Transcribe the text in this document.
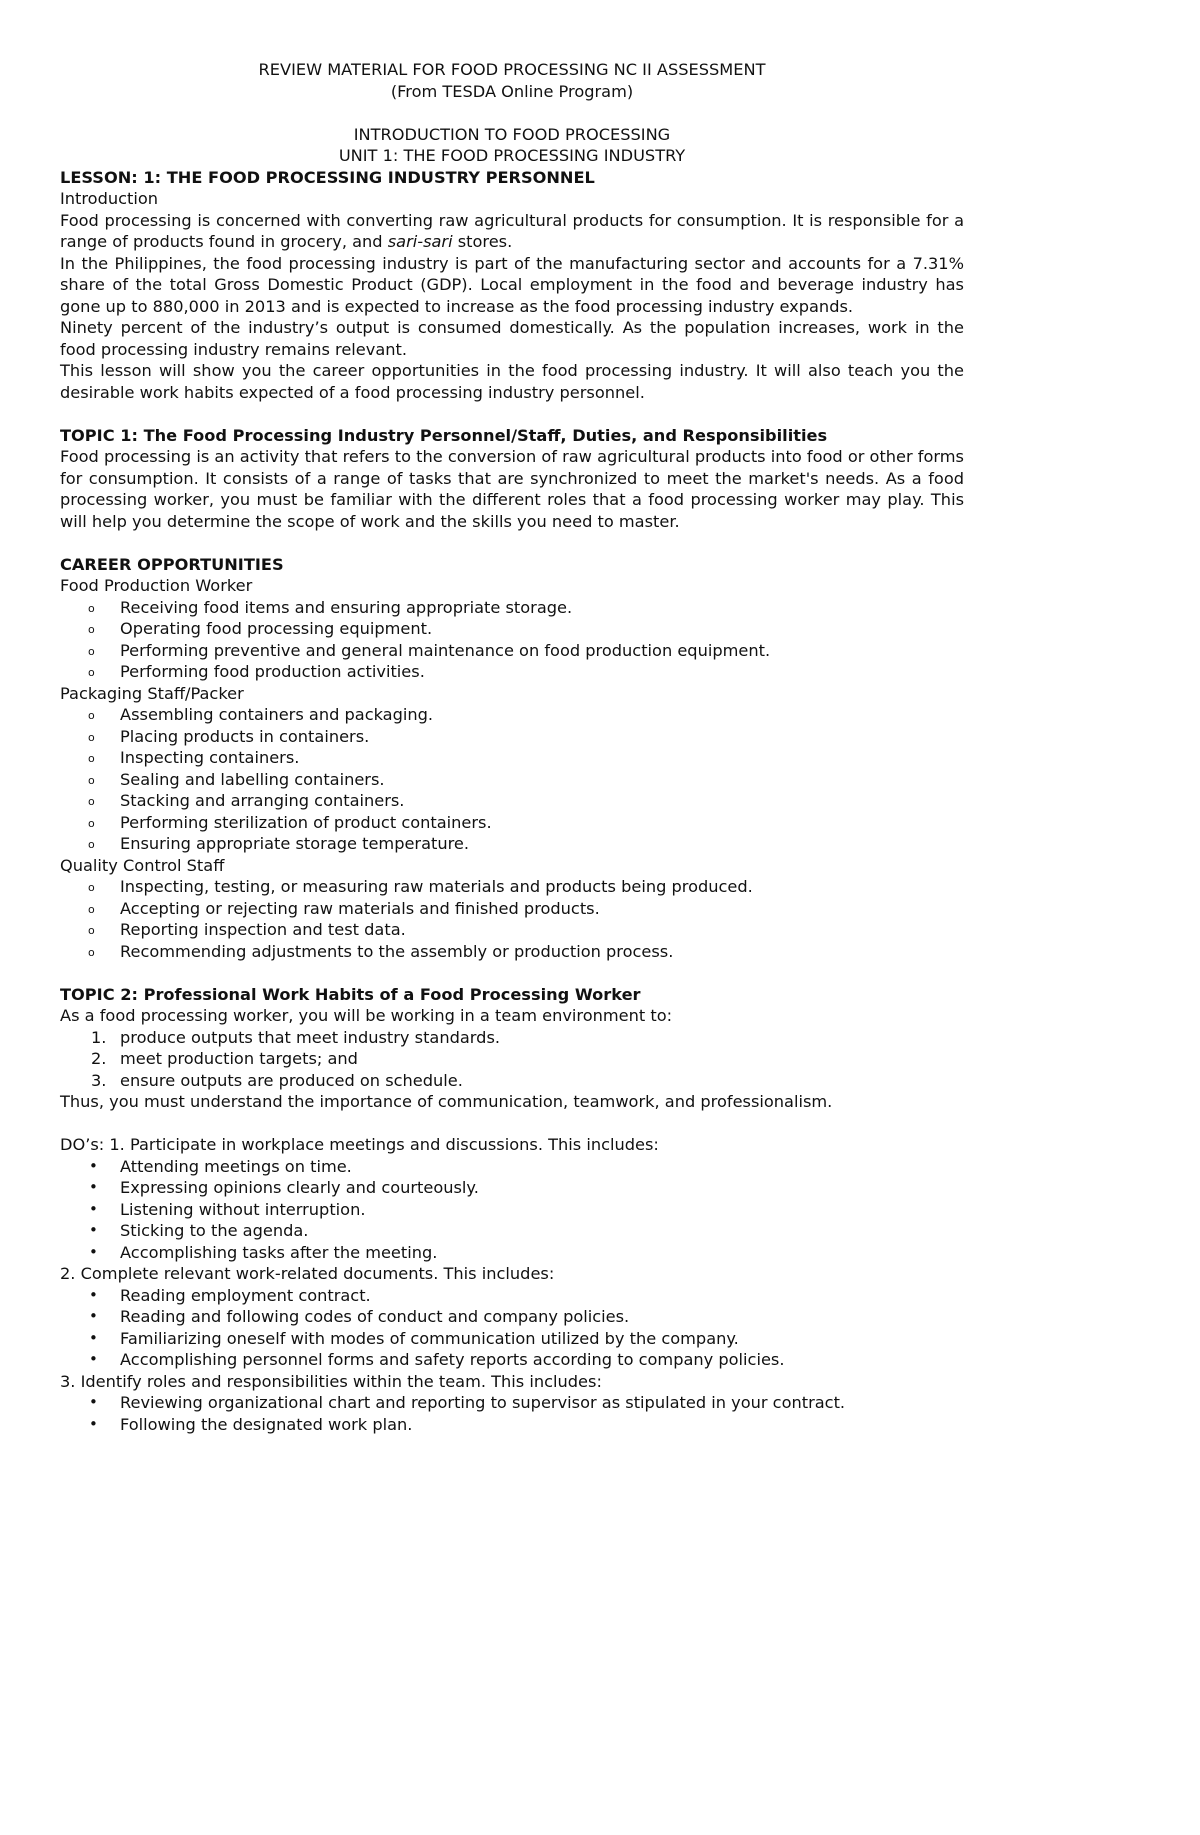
REVIEW MATERIAL FOR FOOD PROCESSING NC II ASSESSMENT
(From TESDA Online Program)
INTRODUCTION TO FOOD PROCESSING
UNIT 1: THE FOOD PROCESSING INDUSTRY
LESSON: 1: THE FOOD PROCESSING INDUSTRY PERSONNEL
Introduction

Food processing is concerned with converting raw agricultural products for consumption. It is responsible for a range of products found in grocery, and sari-sari stores.

In the Philippines, the food processing industry is part of the manufacturing sector and accounts for a 7.31% share of the total Gross Domestic Product (GDP). Local employment in the food and beverage industry has gone up to 880,000 in 2013 and is expected to increase as the food processing industry expands.

Ninety percent of the industry’s output is consumed domestically. As the population increases, work in the food processing industry remains relevant.

This lesson will show you the career opportunities in the food processing industry. It will also teach you the desirable work habits expected of a food processing industry personnel.

TOPIC 1: The Food Processing Industry Personnel/Staff, Duties, and Responsibilities

Food processing is an activity that refers to the conversion of raw agricultural products into food or other forms for consumption. It consists of a range of tasks that are synchronized to meet the market's needs. As a food processing worker, you must be familiar with the different roles that a food processing worker may play. This will help you determine the scope of work and the skills you need to master.

CAREER OPPORTUNITIES
Food Production Worker
o Receiving food items and ensuring appropriate storage.
o Operating food processing equipment.
o Performing preventive and general maintenance on food production equipment.
o Performing food production activities.
Packaging Staff/Packer
o Assembling containers and packaging.
o Placing products in containers.
o Inspecting containers.
o Sealing and labelling containers.
o Stacking and arranging containers.
o Performing sterilization of product containers.
o Ensuring appropriate storage temperature.
Quality Control Staff
o Inspecting, testing, or measuring raw materials and products being produced.
o Accepting or rejecting raw materials and finished products.
o Reporting inspection and test data.
o Recommending adjustments to the assembly or production process.
TOPIC 2: Professional Work Habits of a Food Processing Worker
As a food processing worker, you will be working in a team environment to:
1. produce outputs that meet industry standards.
2. meet production targets; and
3. ensure outputs are produced on schedule.
Thus, you must understand the importance of communication, teamwork, and professionalism.
DO’s: 1. Participate in workplace meetings and discussions. This includes:
• Attending meetings on time.
• Expressing opinions clearly and courteously.
• Listening without interruption.
• Sticking to the agenda.
• Accomplishing tasks after the meeting.
2. Complete relevant work-related documents. This includes:
• Reading employment contract.
• Reading and following codes of conduct and company policies.
• Familiarizing oneself with modes of communication utilized by the company.
• Accomplishing personnel forms and safety reports according to company policies.
3. Identify roles and responsibilities within the team. This includes:
• Reviewing organizational chart and reporting to supervisor as stipulated in your contract.
• Following the designated work plan.
